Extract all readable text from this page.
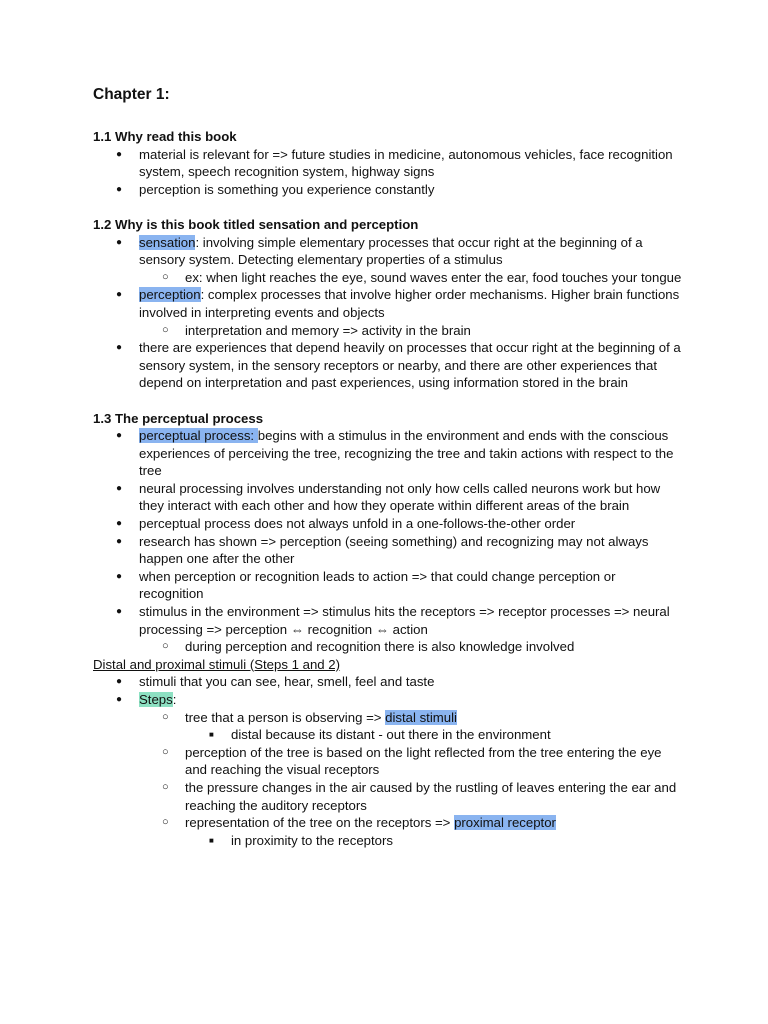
Chapter 1:

1.1 Why read this book

● material is relevant for => future studies in medicine, autonomous vehicles, face recognition system, speech recognition system, highway signs
● perception is something you experience constantly

1.2 Why is this book titled sensation and perception

● sensation: involving simple elementary processes that occur right at the beginning of a sensory system. Detecting elementary properties of a stimulus
○ ex: when light reaches the eye, sound waves enter the ear, food touches your tongue
● perception: complex processes that involve higher order mechanisms. Higher brain functions involved in interpreting events and objects
○ interpretation and memory => activity in the brain
● there are experiences that depend heavily on processes that occur right at the beginning of a sensory system, in the sensory receptors or nearby, and there are other experiences that depend on interpretation and past experiences, using information stored in the brain

1.3 The perceptual process

● perceptual process: begins with a stimulus in the environment and ends with the conscious experiences of perceiving the tree, recognizing the tree and takin actions with respect to the tree
● neural processing involves understanding not only how cells called neurons work but how they interact with each other and how they operate within different areas of the brain
● perceptual process does not always unfold in a one-follows-the-other order
● research has shown => perception (seeing something) and recognizing may not always happen one after the other
● when perception or recognition leads to action => that could change perception or recognition
● stimulus in the environment => stimulus hits the receptors => receptor processes => neural processing => perception ⇔ recognition ⇔ action
○ during perception and recognition there is also knowledge involved

Distal and proximal stimuli (Steps 1 and 2)

● stimuli that you can see, hear, smell, feel and taste
● Steps:
○ tree that a person is observing => distal stimuli
■ distal because its distant - out there in the environment
○ perception of the tree is based on the light reflected from the tree entering the eye and reaching the visual receptors
○ the pressure changes in the air caused by the rustling of leaves entering the ear and reaching the auditory receptors
○ representation of the tree on the receptors => proximal receptor
■ in proximity to the receptors
